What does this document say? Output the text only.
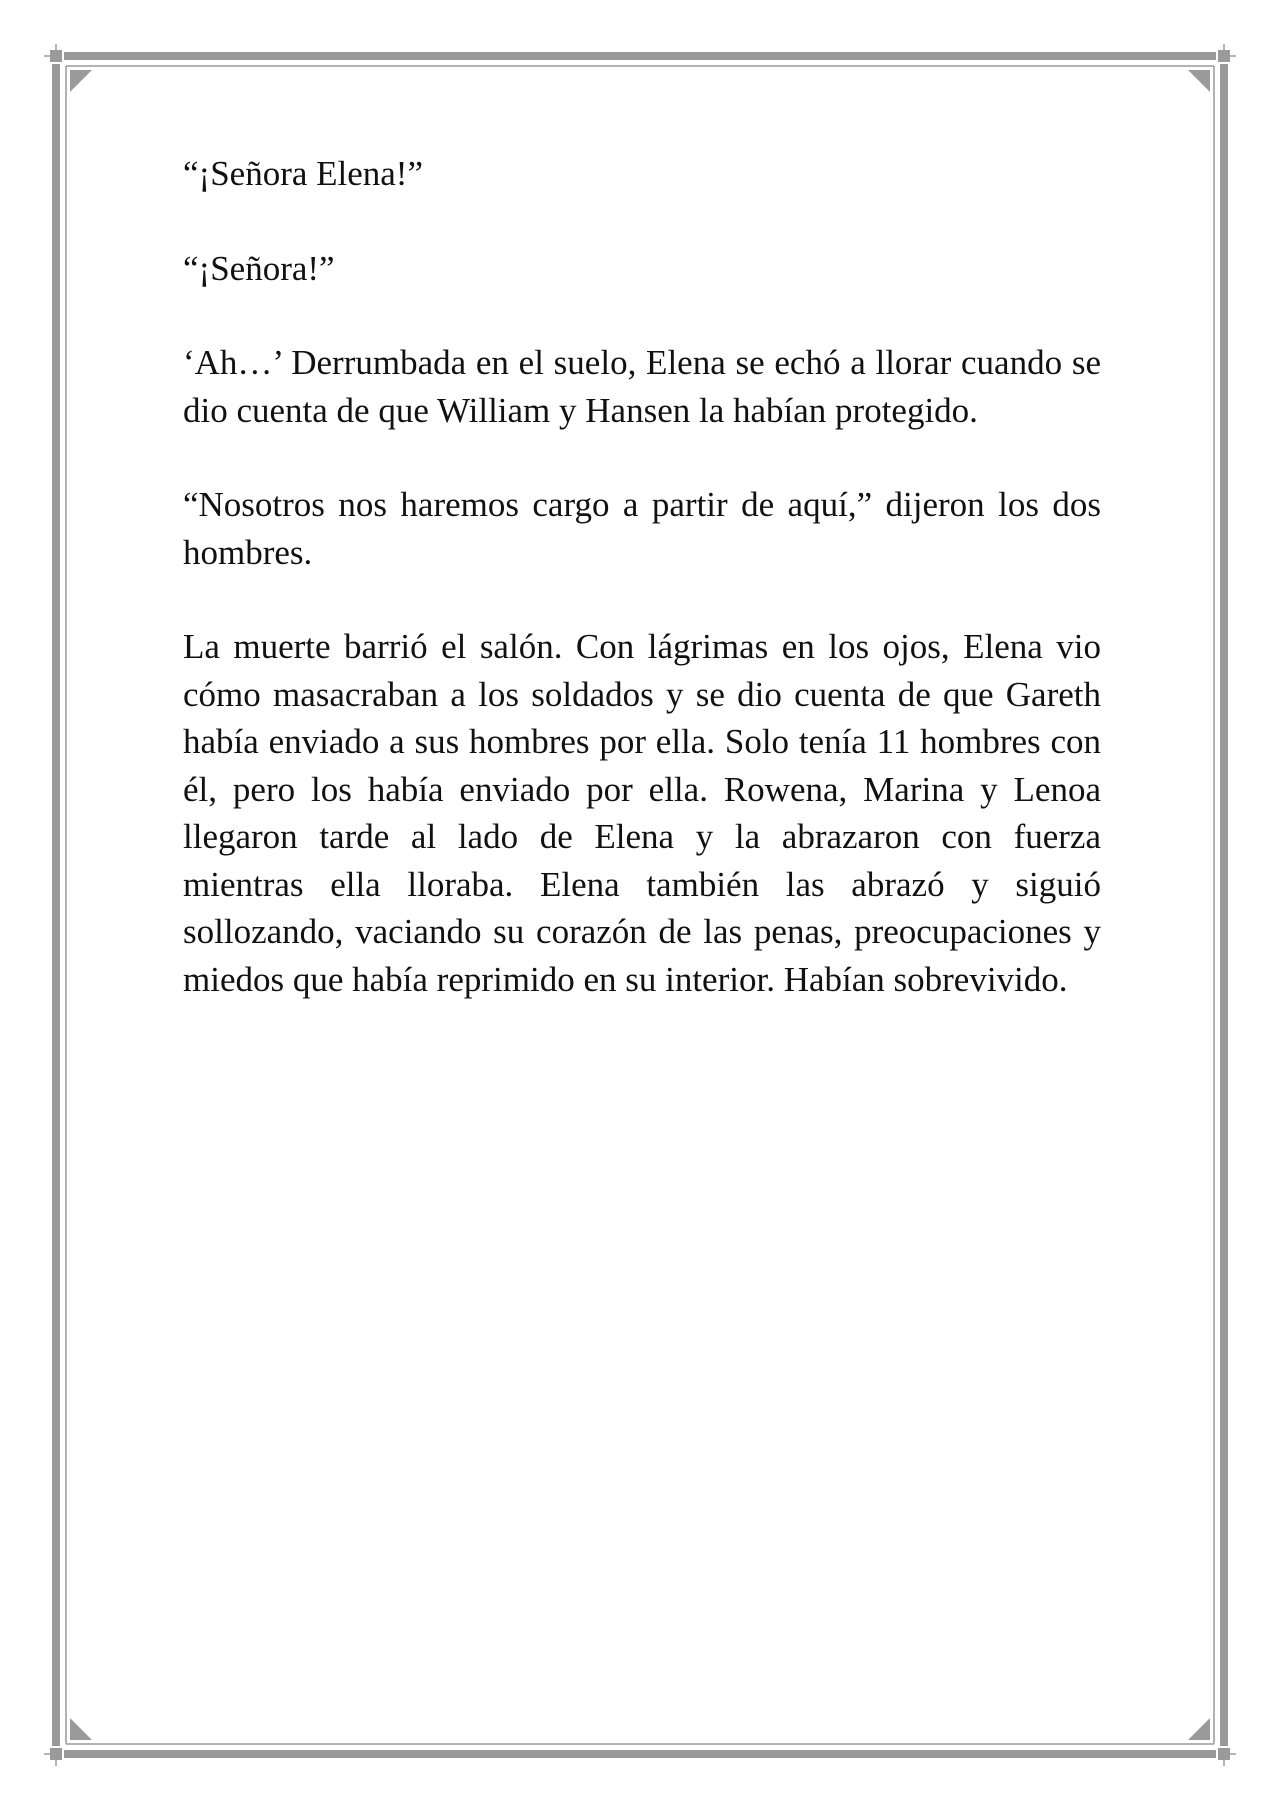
“¡Señora Elena!”

“¡Señora!”

‘Ah…’ Derrumbada en el suelo, Elena se echó a llorar cuando se dio cuenta de que William y Hansen la habían protegido.

“Nosotros nos haremos cargo a partir de aquí,” dijeron los dos hombres.

La muerte barrió el salón. Con lágrimas en los ojos, Elena vio cómo masacraban a los soldados y se dio cuenta de que Gareth había enviado a sus hombres por ella. Solo tenía 11 hombres con él, pero los había enviado por ella. Rowena, Marina y Lenoa llegaron tarde al lado de Elena y la abrazaron con fuerza mientras ella lloraba. Elena también las abrazó y siguió sollozando, vaciando su corazón de las penas, preocupaciones y miedos que había reprimido en su interior. Habían sobrevivido.
